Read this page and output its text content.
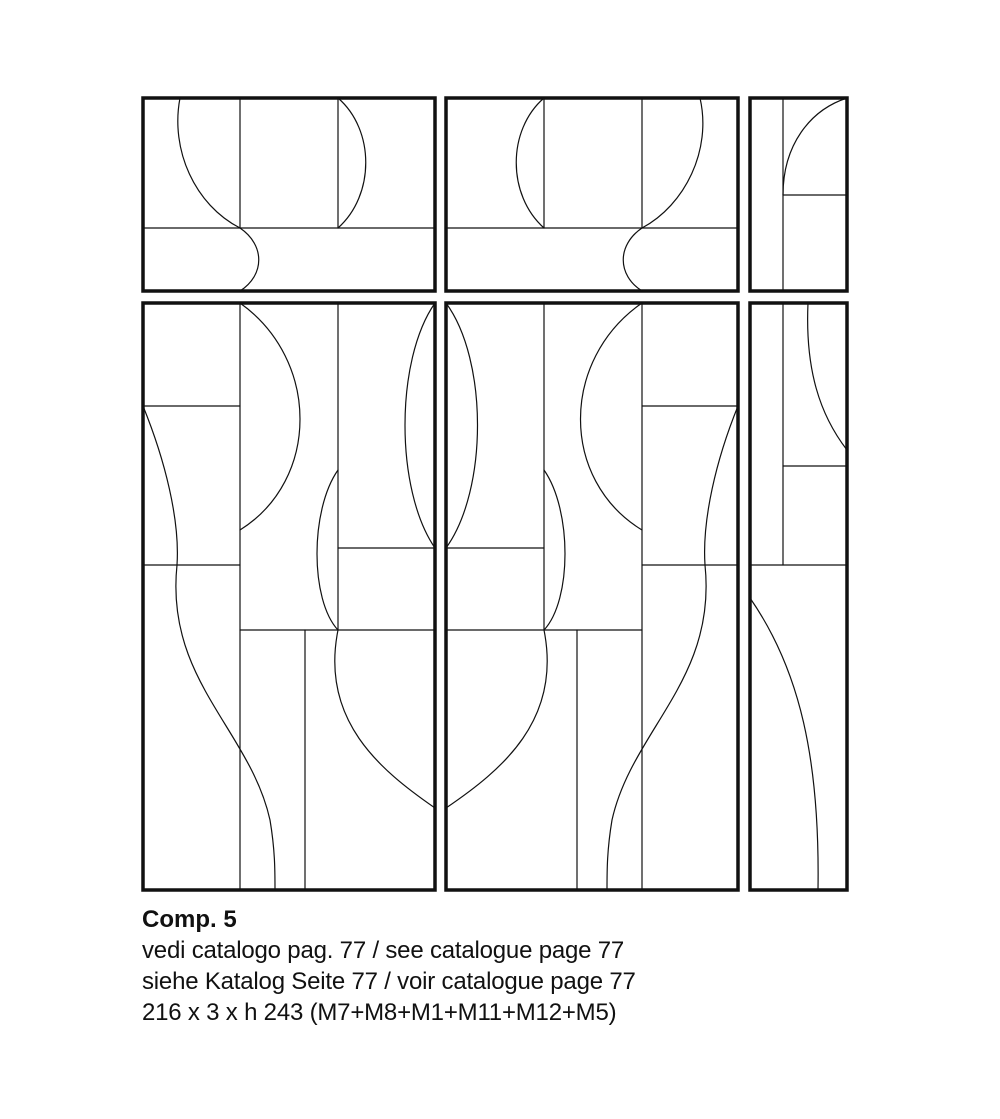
Comp. 5
vedi catalogo pag. 77 / see catalogue page 77
siehe Katalog Seite 77 / voir catalogue page 77
216 x 3 x h 243 (M7+M8+M1+M11+M12+M5)
